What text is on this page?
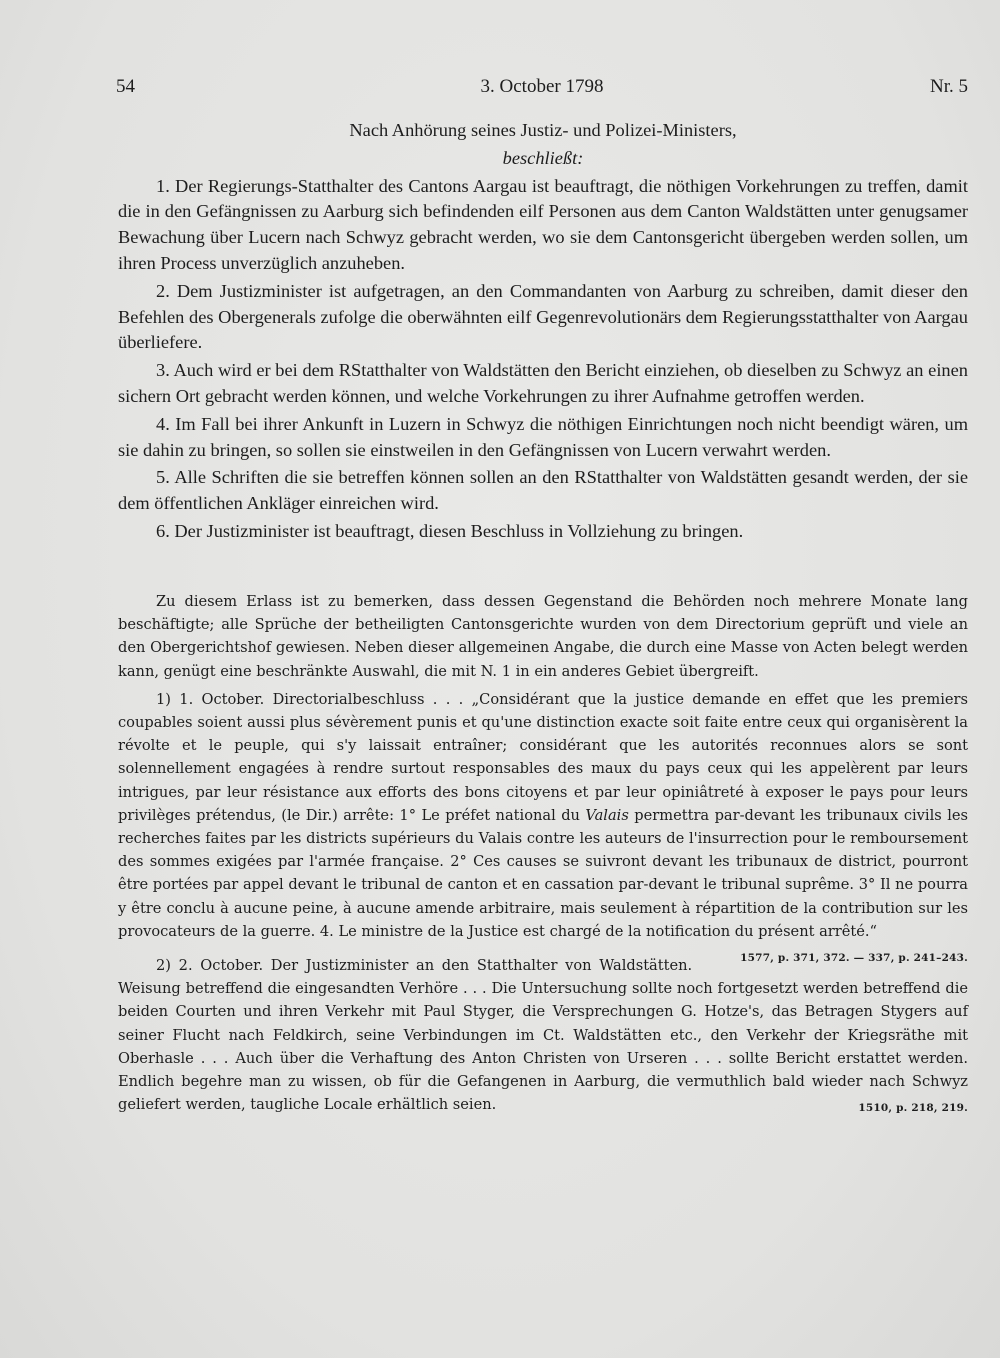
54	3. October 1798	Nr. 5

Nach Anhörung seines Justiz- und Polizei-Ministers,

beschließt:

1. Der Regierungs-Statthalter des Cantons Aargau ist beauftragt, die nöthigen Vorkehrungen zu treffen, damit die in den Gefängnissen zu Aarburg sich befindenden eilf Personen aus dem Canton Waldstätten unter genugsamer Bewachung über Lucern nach Schwyz gebracht werden, wo sie dem Cantonsgericht übergeben werden sollen, um ihren Process unverzüglich anzuheben.

2. Dem Justizminister ist aufgetragen, an den Commandanten von Aarburg zu schreiben, damit dieser den Befehlen des Obergenerals zufolge die oberwähnten eilf Gegenrevolutionärs dem Regierungsstatthalter von Aargau überliefere.

3. Auch wird er bei dem RStatthalter von Waldstätten den Bericht einziehen, ob dieselben zu Schwyz an einen sichern Ort gebracht werden können, und welche Vorkehrungen zu ihrer Aufnahme getroffen werden.

4. Im Fall bei ihrer Ankunft in Luzern in Schwyz die nöthigen Einrichtungen noch nicht beendigt wären, um sie dahin zu bringen, so sollen sie einstweilen in den Gefängnissen von Lucern verwahrt werden.

5. Alle Schriften die sie betreffen können sollen an den RStatthalter von Waldstätten gesandt werden, der sie dem öffentlichen Ankläger einreichen wird.

6. Der Justizminister ist beauftragt, diesen Beschluss in Vollziehung zu bringen.

Zu diesem Erlass ist zu bemerken, dass dessen Gegenstand die Behörden noch mehrere Monate lang beschäftigte; alle Sprüche der betheiligten Cantonsgerichte wurden von dem Directorium geprüft und viele an den Obergerichtshof gewiesen. Neben dieser allgemeinen Angabe, die durch eine Masse von Acten belegt werden kann, genügt eine beschränkte Auswahl, die mit N. 1 in ein anderes Gebiet übergreift.

1) 1. October. Directorialbeschluss . . . „Considérant que la justice demande en effet que les premiers coupables soient aussi plus sévèrement punis et qu'une distinction exacte soit faite entre ceux qui organisèrent la révolte et le peuple, qui s'y laissait entraîner; considérant que les autorités reconnues alors se sont solennellement engagées à rendre surtout responsables des maux du pays ceux qui les appelèrent par leurs intrigues, par leur résistance aux efforts des bons citoyens et par leur opiniâtreté à exposer le pays pour leurs privilèges prétendus, (le Dir.) arrête: 1° Le préfet national du Valais permettra par-devant les tribunaux civils les recherches faites par les districts supérieurs du Valais contre les auteurs de l'insurrection pour le remboursement des sommes exigées par l'armée française. 2° Ces causes se suivront devant les tribunaux de district, pourront être portées par appel devant le tribunal de canton et en cassation par-devant le tribunal suprême. 3° Il ne pourra y être conclu à aucune peine, à aucune amende arbitraire, mais seulement à répartition de la contribution sur les provocateurs de la guerre. 4. Le ministre de la Justice est chargé de la notification du présent arrêté.“
1577, p. 371, 372. — 337, p. 241–243.

2) 2. October. Der Justizminister an den Statthalter von Waldstätten. Weisung betreffend die eingesandten Verhöre . . . Die Untersuchung sollte noch fortgesetzt werden betreffend die beiden Courten und ihren Verkehr mit Paul Styger, die Versprechungen G. Hotze's, das Betragen Stygers auf seiner Flucht nach Feldkirch, seine Verbindungen im Ct. Waldstätten etc., den Verkehr der Kriegsräthe mit Oberhasle . . . Auch über die Verhaftung des Anton Christen von Urseren . . . sollte Bericht erstattet werden. Endlich begehre man zu wissen, ob für die Gefangenen in Aarburg, die vermuthlich bald wieder nach Schwyz geliefert werden, taugliche Locale erhältlich seien.	1510, p. 218, 219.
